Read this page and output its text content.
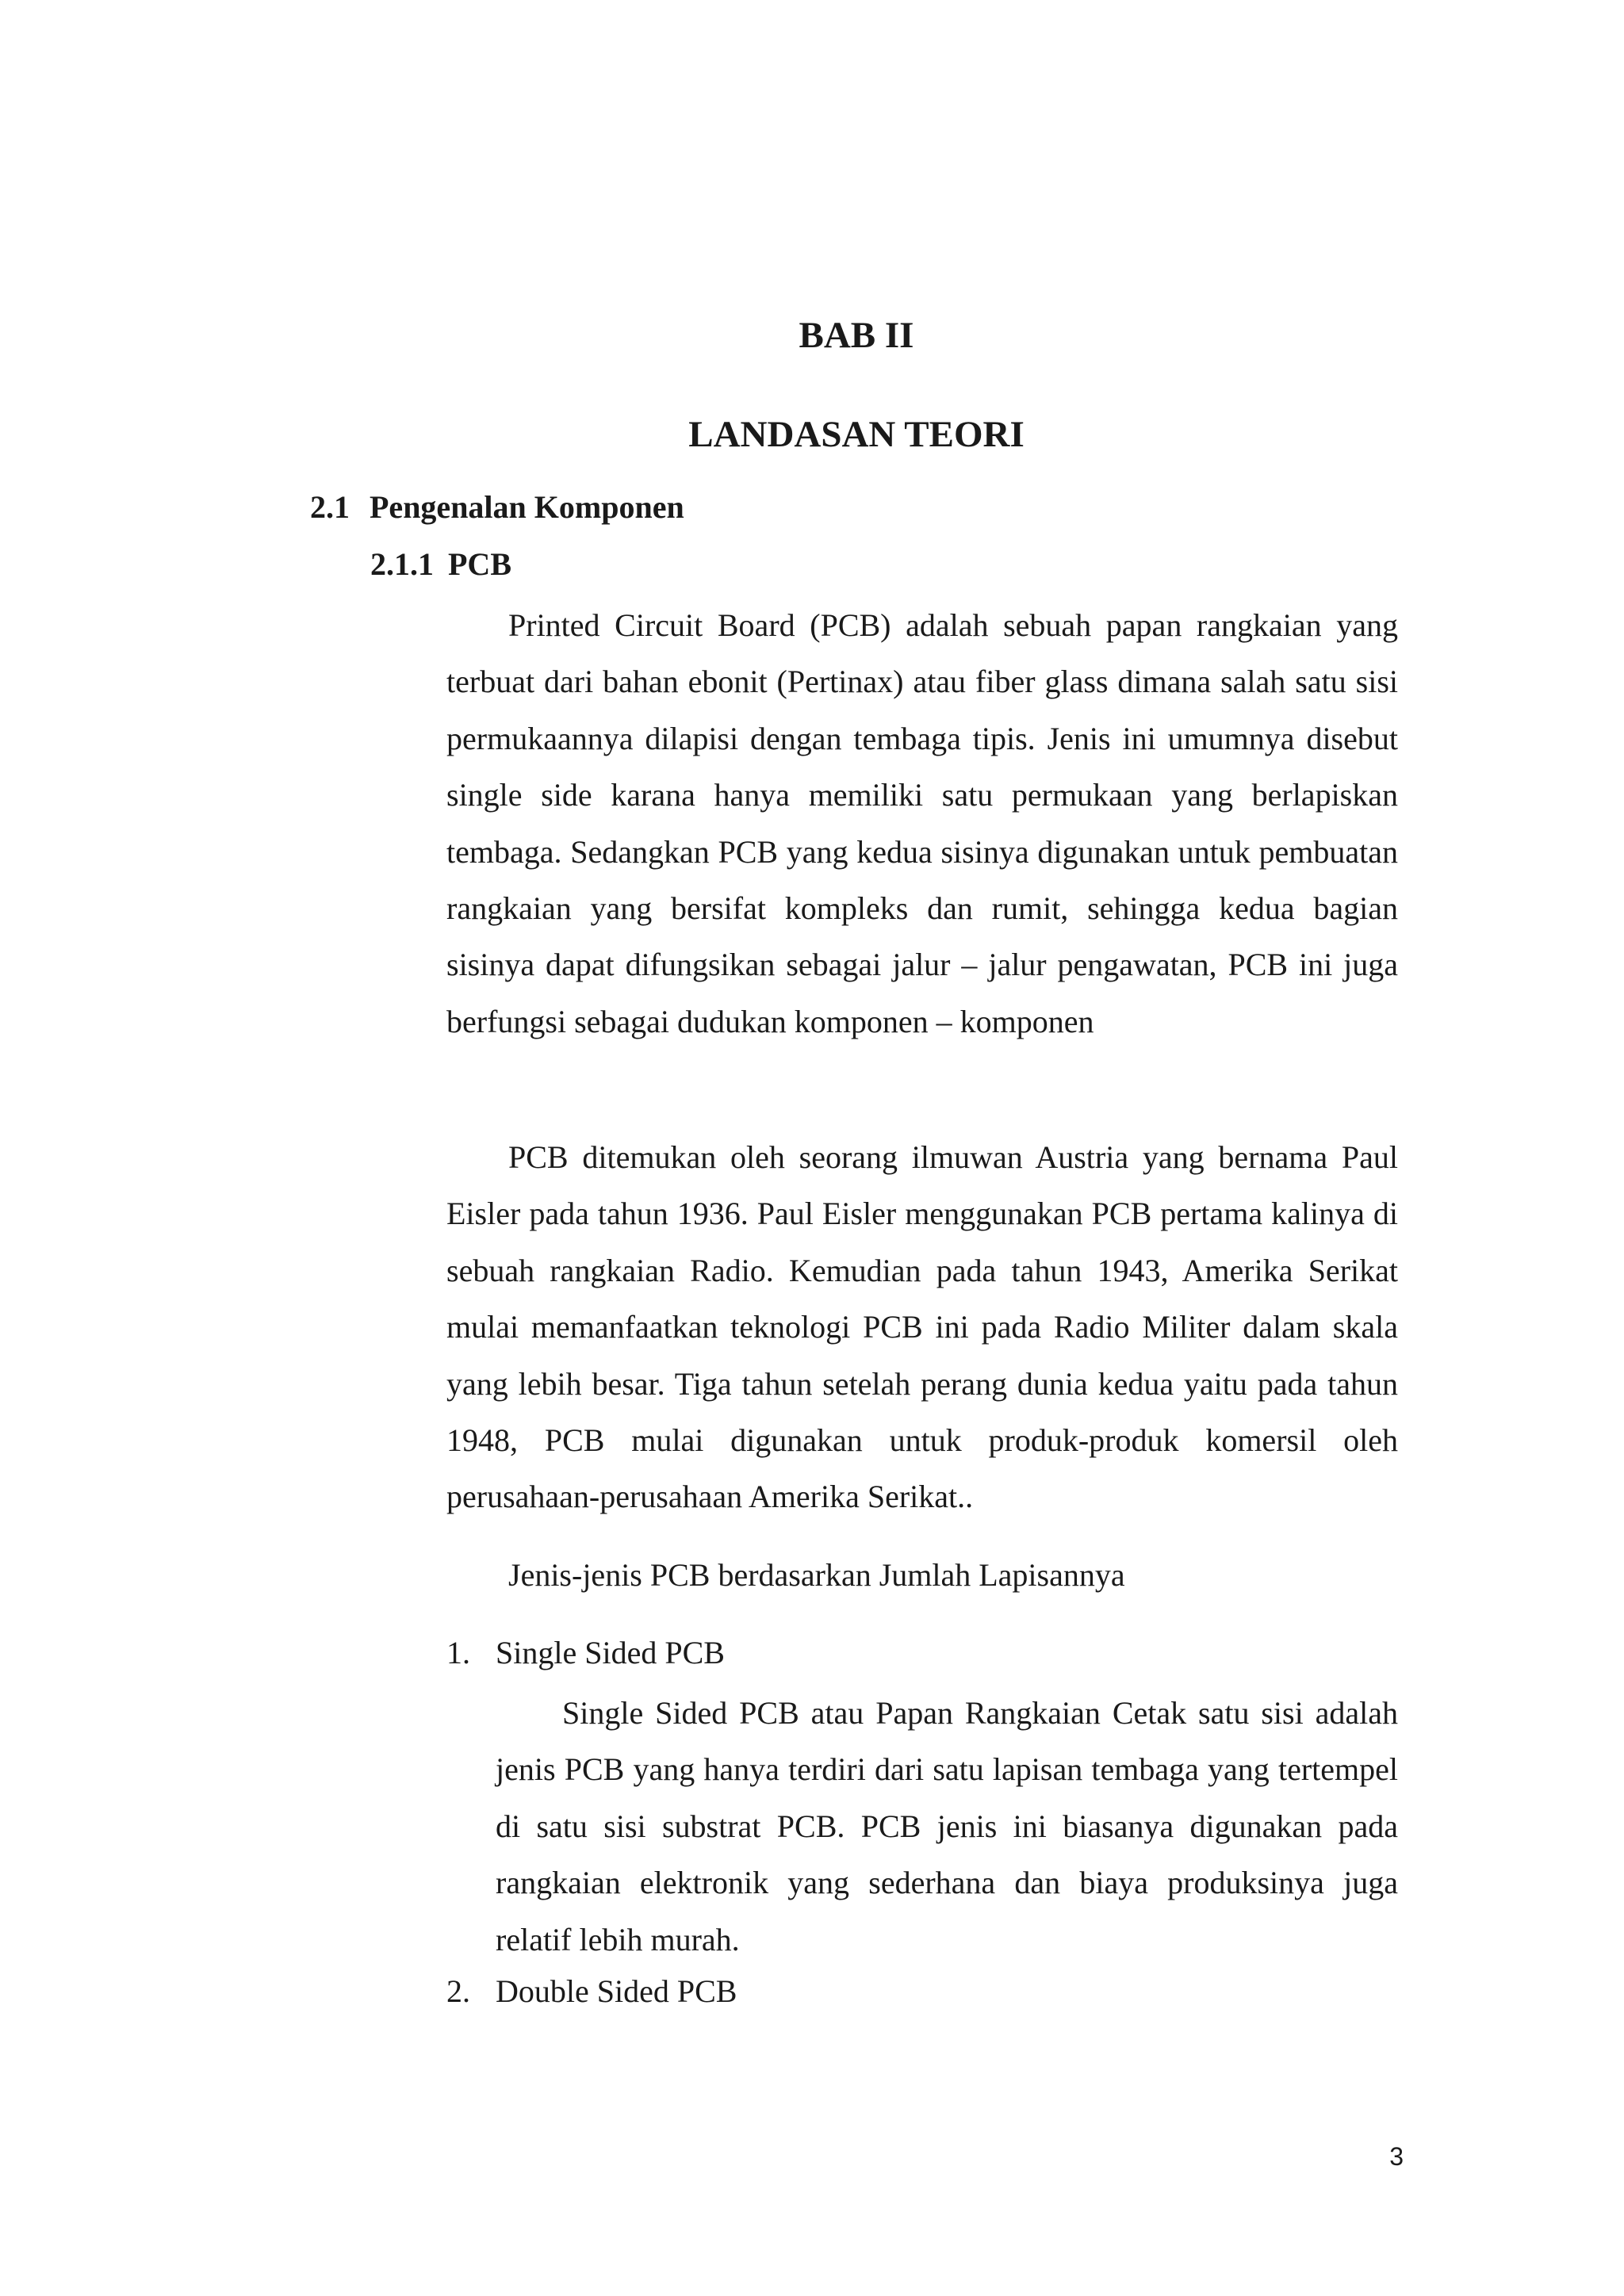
BAB II
LANDASAN TEORI
2.1 Pengenalan Komponen
2.1.1 PCB

Printed Circuit Board (PCB) adalah sebuah papan rangkaian yang terbuat dari bahan ebonit (Pertinax) atau fiber glass dimana salah satu sisi permukaannya dilapisi dengan tembaga tipis. Jenis ini umumnya disebut single side karana hanya memiliki satu permukaan yang berlapiskan tembaga. Sedangkan PCB yang kedua sisinya digunakan untuk pembuatan rangkaian yang bersifat kompleks dan rumit, sehingga kedua bagian sisinya dapat difungsikan sebagai jalur – jalur pengawatan, PCB ini juga berfungsi sebagai dudukan komponen – komponen

PCB ditemukan oleh seorang ilmuwan Austria yang bernama Paul Eisler pada tahun 1936. Paul Eisler menggunakan PCB pertama kalinya di sebuah rangkaian Radio. Kemudian pada tahun 1943, Amerika Serikat mulai memanfaatkan teknologi PCB ini pada Radio Militer dalam skala yang lebih besar. Tiga tahun setelah perang dunia kedua yaitu pada tahun 1948, PCB mulai digunakan untuk produk-produk komersil oleh perusahaan-perusahaan Amerika Serikat..

Jenis-jenis PCB berdasarkan Jumlah Lapisannya
1. Single Sided PCB

Single Sided PCB atau Papan Rangkaian Cetak satu sisi adalah jenis PCB yang hanya terdiri dari satu lapisan tembaga yang tertempel di satu sisi substrat PCB. PCB jenis ini biasanya digunakan pada rangkaian elektronik yang sederhana dan biaya produksinya juga relatif lebih murah.

2. Double Sided PCB
3
